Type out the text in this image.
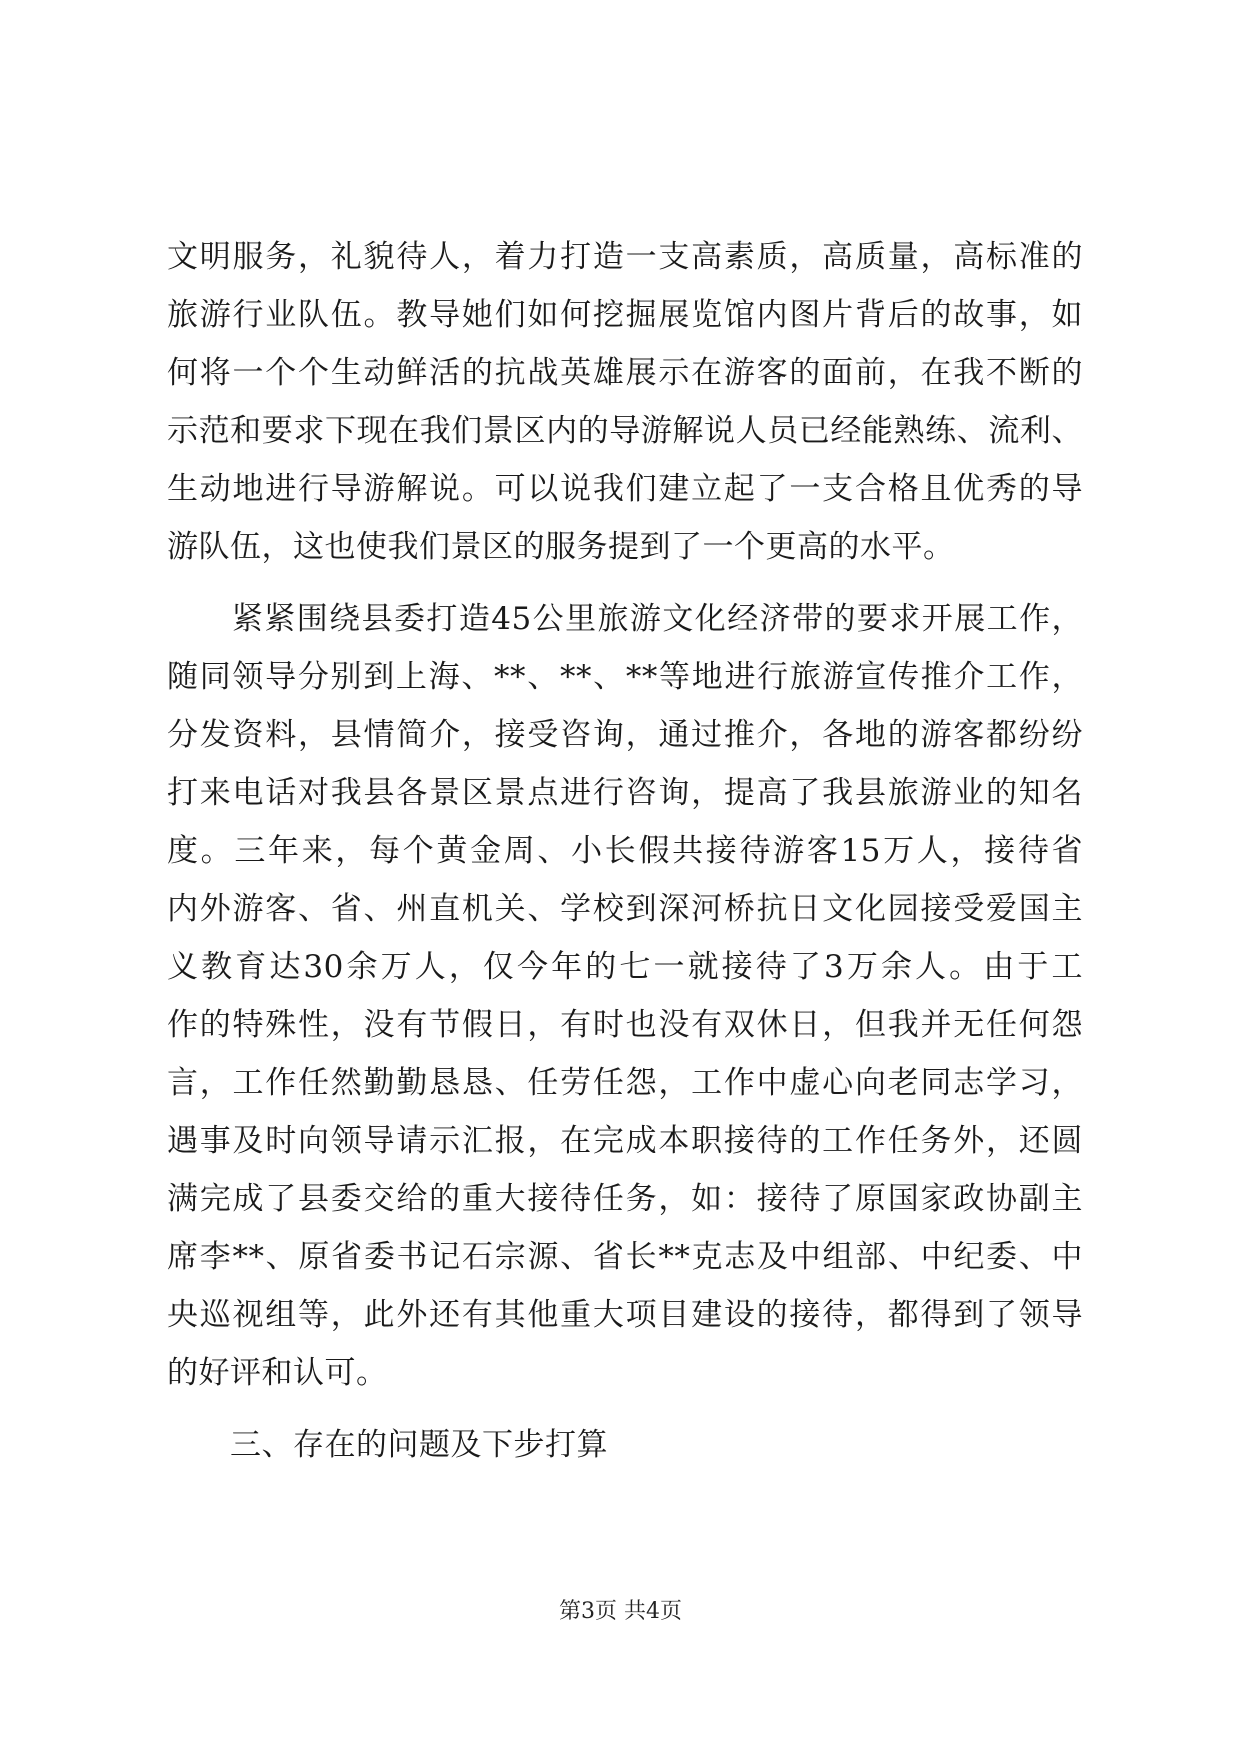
文明服务，礼貌待人，着力打造一支高素质，高质量，高标准的
旅游行业队伍。教导她们如何挖掘展览馆内图片背后的故事，如
何将一个个生动鲜活的抗战英雄展示在游客的面前，在我不断的
示范和要求下现在我们景区内的导游解说人员已经能熟练、流利、
生动地进行导游解说。可以说我们建立起了一支合格且优秀的导
游队伍，这也使我们景区的服务提到了一个更高的水平。
　　紧紧围绕县委打造45公里旅游文化经济带的要求开展工作，
随同领导分别到上海、**、**、**等地进行旅游宣传推介工作，
分发资料，县情简介，接受咨询，通过推介，各地的游客都纷纷
打来电话对我县各景区景点进行咨询，提高了我县旅游业的知名
度。三年来，每个黄金周、小长假共接待游客15万人，接待省
内外游客、省、州直机关、学校到深河桥抗日文化园接受爱国主
义教育达30余万人，仅今年的七一就接待了3万余人。由于工
作的特殊性，没有节假日，有时也没有双休日，但我并无任何怨
言，工作任然勤勤恳恳、任劳任怨，工作中虚心向老同志学习，
遇事及时向领导请示汇报，在完成本职接待的工作任务外，还圆
满完成了县委交给的重大接待任务，如：接待了原国家政协副主
席李**、原省委书记石宗源、省长**克志及中组部、中纪委、中
央巡视组等，此外还有其他重大项目建设的接待，都得到了领导
的好评和认可。
　　三、存在的问题及下步打算
第3页 共4页
